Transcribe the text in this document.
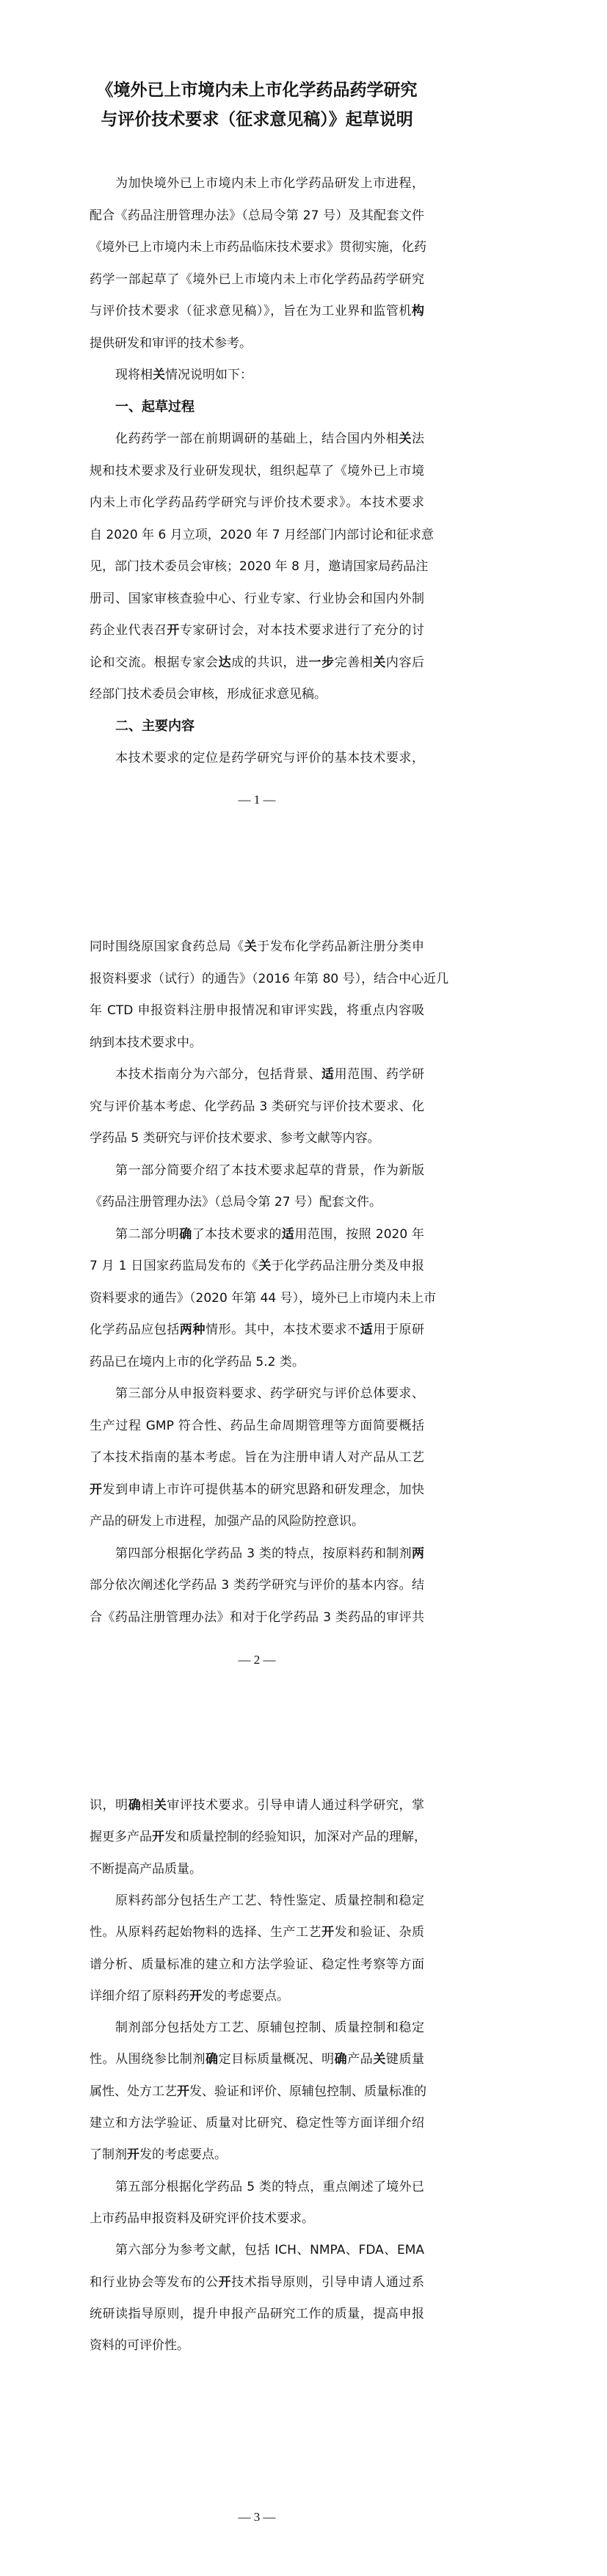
《境外已上市境内未上市化学药品药学研究
与评价技术要求（征求意见稿）》起草说明
为加快境外已上市境内未上市化学药品研发上市进程，
配合《药品注册管理办法》（总局令第 27 号）及其配套文件
《境外已上市境内未上市药品临床技术要求》贯彻实施，化药
药学一部起草了《境外已上市境内未上市化学药品药学研究
与评价技术要求（征求意见稿）》，旨在为工业界和监管机构
提供研发和审评的技术参考。
现将相关情况说明如下：
一、起草过程
化药药学一部在前期调研的基础上，结合国内外相关法
规和技术要求及行业研发现状，组织起草了《境外已上市境
内未上市化学药品药学研究与评价技术要求》。本技术要求
自 2020 年 6 月立项，2020 年 7 月经部门内部讨论和征求意
见，部门技术委员会审核；2020 年 8 月，邀请国家局药品注
册司、国家审核查验中心、行业专家、行业协会和国内外制
药企业代表召开专家研讨会，对本技术要求进行了充分的讨
论和交流。根据专家会达成的共识，进一步完善相关内容后
经部门技术委员会审核，形成征求意见稿。
二、主要内容
本技术要求的定位是药学研究与评价的基本技术要求，
— 1 —
同时围绕原国家食药总局《关于发布化学药品新注册分类申
报资料要求（试行）的通告》（2016 年第 80 号），结合中心近几
年 CTD 申报资料注册申报情况和审评实践，将重点内容吸
纳到本技术要求中。
本技术指南分为六部分，包括背景、适用范围、药学研
究与评价基本考虑、化学药品 3 类研究与评价技术要求、化
学药品 5 类研究与评价技术要求、参考文献等内容。
第一部分简要介绍了本技术要求起草的背景，作为新版
《药品注册管理办法》（总局令第 27 号）配套文件。
第二部分明确了本技术要求的适用范围，按照 2020 年
7 月 1 日国家药监局发布的《关于化学药品注册分类及申报
资料要求的通告》（2020 年第 44 号），境外已上市境内未上市
化学药品应包括两种情形。其中，本技术要求不适用于原研
药品已在境内上市的化学药品 5.2 类。
第三部分从申报资料要求、药学研究与评价总体要求、
生产过程 GMP 符合性、药品生命周期管理等方面简要概括
了本技术指南的基本考虑。旨在为注册申请人对产品从工艺
开发到申请上市许可提供基本的研究思路和研发理念，加快
产品的研发上市进程，加强产品的风险防控意识。
第四部分根据化学药品 3 类的特点，按原料药和制剂两
部分依次阐述化学药品 3 类药学研究与评价的基本内容。结
合《药品注册管理办法》和对于化学药品 3 类药品的审评共
— 2 —
识，明确相关审评技术要求。引导申请人通过科学研究，掌
握更多产品开发和质量控制的经验知识，加深对产品的理解，
不断提高产品质量。
原料药部分包括生产工艺、特性鉴定、质量控制和稳定
性。从原料药起始物料的选择、生产工艺开发和验证、杂质
谱分析、质量标准的建立和方法学验证、稳定性考察等方面
详细介绍了原料药开发的考虑要点。
制剂部分包括处方工艺、原辅包控制、质量控制和稳定
性。从围绕参比制剂确定目标质量概况、明确产品关键质量
属性、处方工艺开发、验证和评价、原辅包控制、质量标准的
建立和方法学验证、质量对比研究、稳定性等方面详细介绍
了制剂开发的考虑要点。
第五部分根据化学药品 5 类的特点，重点阐述了境外已
上市药品申报资料及研究评价技术要求。
第六部分为参考文献，包括 ICH、NMPA、FDA、EMA
和行业协会等发布的公开技术指导原则，引导申请人通过系
统研读指导原则，提升申报产品研究工作的质量，提高申报
资料的可评价性。
— 3 —
